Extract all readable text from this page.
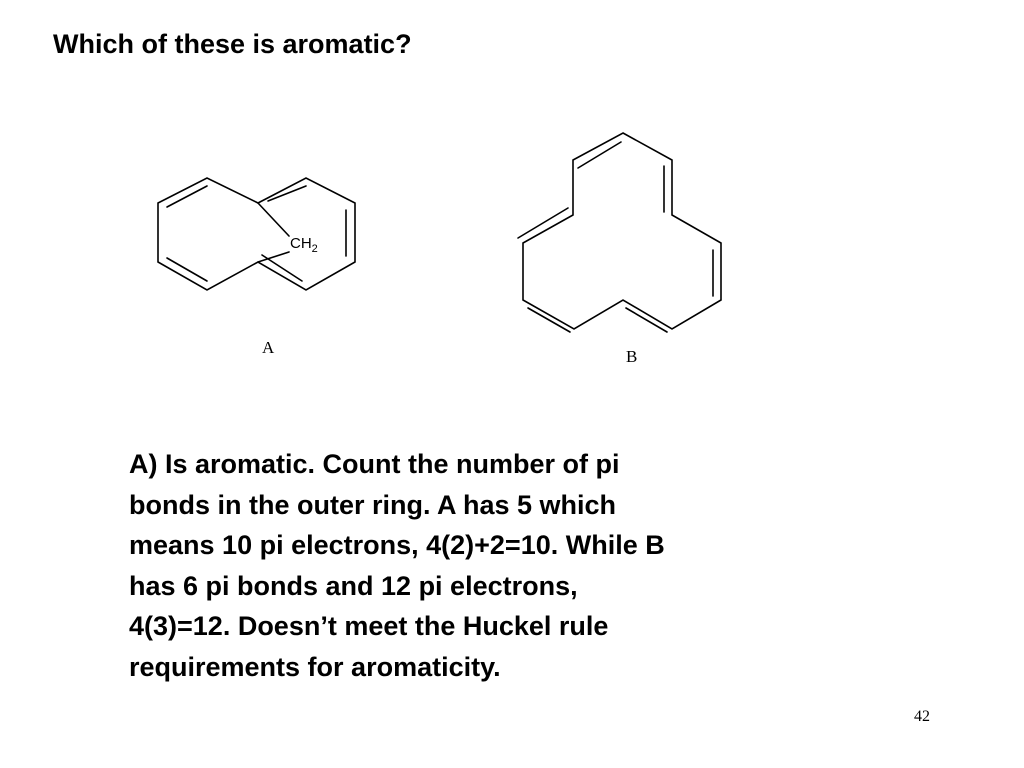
Which of these is aromatic?
$CH_2$
A	B
A) Is aromatic. Count the number of pi
bonds in the outer ring. A has 5 which
means 10 pi electrons, 4(2)+2=10. While B
has 6 pi bonds and 12 pi electrons,
4(3)=12. Doesn’t meet the Huckel rule
requirements for aromaticity.
42
